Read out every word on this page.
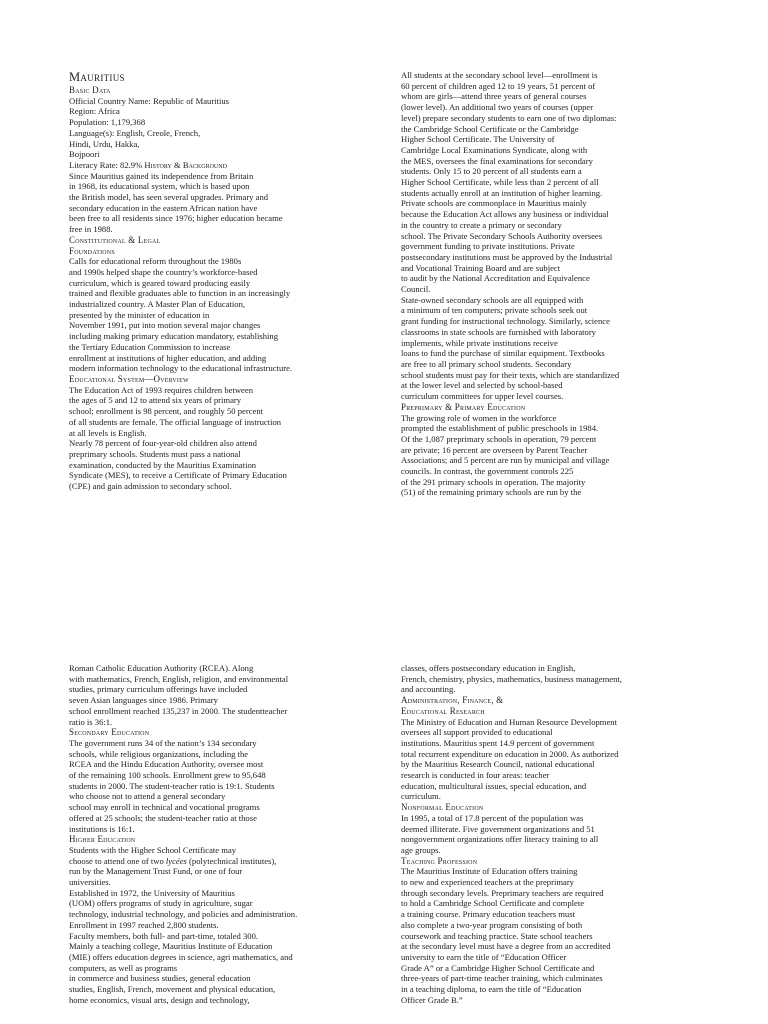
Mauritius
Basic Data
Official Country Name: Republic of Mauritius
Region: Africa
Population: 1,179,368
Language(s): English, Creole, French,
Hindi, Urdu, Hakka,
Bojpoori
Literacy Rate: 82.9% History & Background
Since Mauritius gained its independence from Britain
in 1968, its educational system, which is based upon
the British model, has seen several upgrades. Primary and
secondary education in the eastern African nation have
been free to all residents since 1976; higher education became
free in 1988.
Constitutional & Legal
Foundations
Calls for educational reform throughout the 1980s
and 1990s helped shape the country’s workforce-based
curriculum, which is geared toward producing easily
trained and flexible graduates able to function in an increasingly
industrialized country. A Master Plan of Education,
presented by the minister of education in
November 1991, put into motion several major changes
including making primary education mandatory, establishing
the Tertiary Education Commission to increase
enrollment at institutions of higher education, and adding
modern information technology to the educational infrastructure.
Educational System—Overview
The Education Act of 1993 requires children between
the ages of 5 and 12 to attend six years of primary
school; enrollment is 98 percent, and roughly 50 percent
of all students are female. The official language of instruction
at all levels is English.
Nearly 78 percent of four-year-old children also attend
preprimary schools. Students must pass a national
examination, conducted by the Mauritius Examination
Syndicate (MES), to receive a Certificate of Primary Education
(CPE) and gain admission to secondary school.
All students at the secondary school level—enrollment is
60 percent of children aged 12 to 19 years, 51 percent of
whom are girls—attend three years of general courses
(lower level). An additional two years of courses (upper
level) prepare secondary students to earn one of two diplomas:
the Cambridge School Certificate or the Cambridge
Higher School Certificate. The University of
Cambridge Local Examinations Syndicate, along with
the MES, oversees the final examinations for secondary
students. Only 15 to 20 percent of all students earn a
Higher School Certificate, while less than 2 percent of all
students actually enroll at an institution of higher learning.
Private schools are commonplace in Mauritius mainly
because the Education Act allows any business or individual
in the country to create a primary or secondary
school. The Private Secondary Schools Authority oversees
government funding to private institutions. Private
postsecondary institutions must be approved by the Industrial
and Vocational Training Board and are subject
to audit by the National Accreditation and Equivalence
Council.
State-owned secondary schools are all equipped with
a minimum of ten computers; private schools seek out
grant funding for instructional technology. Similarly, science
classrooms in state schools are furnished with laboratory
implements, while private institutions receive
loans to fund the purchase of similar equipment. Textbooks
are free to all primary school students. Secondary
school students must pay for their texts, which are standardized
at the lower level and selected by school-based
curriculum committees for upper level courses.
Preprimary & Primary Education
The growing role of women in the workforce
prompted the establishment of public preschools in 1984.
Of the 1,087 preprimary schools in operation, 79 percent
are private; 16 percent are overseen by Parent Teacher
Associations; and 5 percent are run by municipal and village
councils. In contrast, the government controls 225
of the 291 primary schools in operation. The majority
(51) of the remaining primary schools are run by the
Roman Catholic Education Authority (RCEA). Along
with mathematics, French, English, religion, and environmental
studies, primary curriculum offerings have included
seven Asian languages since 1986. Primary
school enrollment reached 135,237 in 2000. The studentteacher
ratio is 36:1.
Secondary Education
The government runs 34 of the nation’s 134 secondary
schools, while religious organizations, including the
RCEA and the Hindu Education Authority, oversee most
of the remaining 100 schools. Enrollment grew to 95,648
students in 2000. The student-teacher ratio is 19:1. Students
who choose not to attend a general secondary
school may enroll in technical and vocational programs
offered at 25 schools; the student-teacher ratio at those
institutions is 16:1.
Higher Education
Students with the Higher School Certificate may
choose to attend one of two lycées (polytechnical institutes),
run by the Management Trust Fund, or one of four
universities.
Established in 1972, the University of Mauritius
(UOM) offers programs of study in agriculture, sugar
technology, industrial technology, and policies and administration.
Enrollment in 1997 reached 2,800 students.
Faculty members, both full- and part-time, totaled 300.
Mainly a teaching college, Mauritius Institute of Education
(MIE) offers education degrees in science, agri mathematics, and
computers, as well as programs
in commerce and business studies, general education
studies, English, French, movement and physical education,
home economics, visual arts, design and technology,
classes, offers postsecondary education in English,
French, chemistry, physics, mathematics, business management,
and accounting.
Administration, Finance, &
Educational Research
The Ministry of Education and Human Resource Development
oversees all support provided to educational
institutions. Mauritius spent 14.9 percent of government
total recurrent expenditure on education in 2000. As authorized
by the Mauritius Research Council, national educational
research is conducted in four areas: teacher
education, multicultural issues, special education, and
curriculum.
Nonformal Education
In 1995, a total of 17.8 percent of the population was
deemed illiterate. Five government organizations and 51
nongovernment organizations offer literacy training to all
age groups.
Teaching Profession
The Mauritius Institute of Education offers training
to new and experienced teachers at the preprimary
through secondary levels. Preprimary teachers are required
to hold a Cambridge School Certificate and complete
a training course. Primary education teachers must
also complete a two-year program consisting of both
coursework and teaching practice. State school teachers
at the secondary level must have a degree from an accredited
university to earn the title of “Education Officer
Grade A” or a Cambridge Higher School Certificate and
three-years of part-time teacher training, which culminates
in a teaching diploma, to earn the title of “Education
Officer Grade B.”
